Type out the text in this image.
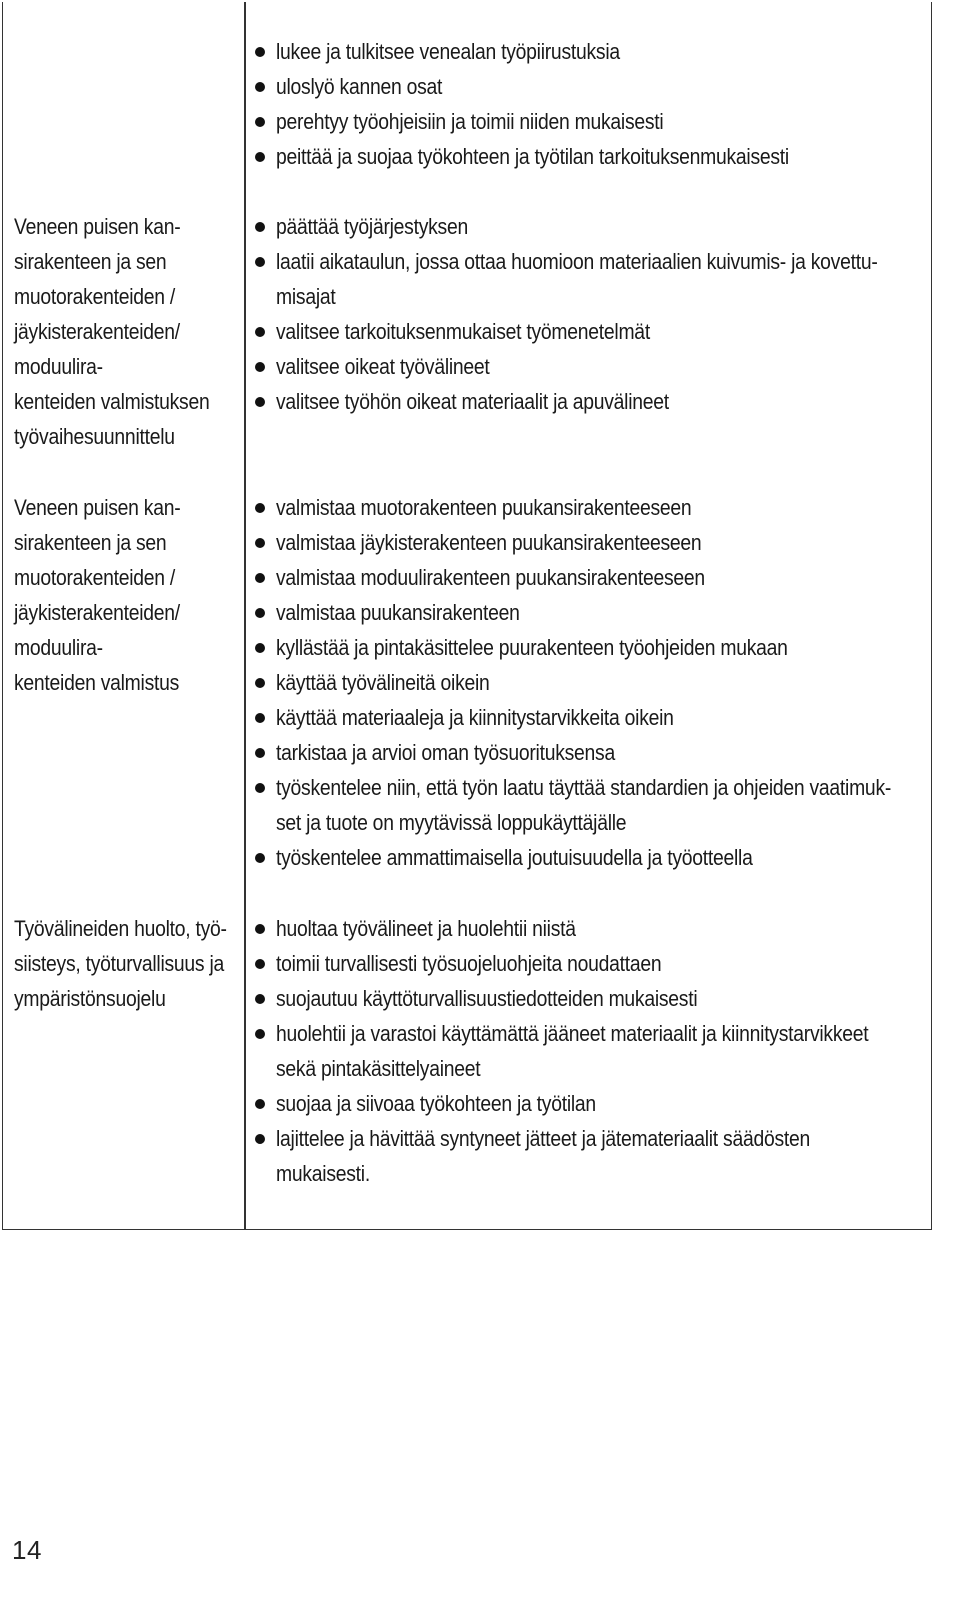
lukee ja tulkitsee venealan työpiirustuksia
uloslyö kannen osat
perehtyy työohjeisiin ja toimii niiden mukaisesti
peittää ja suojaa työkohteen ja työtilan tarkoituksenmukaisesti
Veneen puisen kan-
sirakenteen ja sen
muotorakenteiden /
jäykisterakenteiden/
moduulira-
kenteiden valmistuksen
työvaihesuunnittelu
päättää työjärjestyksen
laatii aikataulun, jossa ottaa huomioon materiaalien kuivumis- ja kovettu-
misajat
valitsee tarkoituksenmukaiset työmenetelmät
valitsee oikeat työvälineet
valitsee työhön oikeat materiaalit ja apuvälineet
Veneen puisen kan-
sirakenteen ja sen
muotorakenteiden /
jäykisterakenteiden/
moduulira-
kenteiden valmistus
valmistaa muotorakenteen puukansirakenteeseen
valmistaa jäykisterakenteen puukansirakenteeseen
valmistaa moduulirakenteen puukansirakenteeseen
valmistaa puukansirakenteen
kyllästää ja pintakäsittelee puurakenteen työohjeiden mukaan
käyttää työvälineitä oikein
käyttää materiaaleja ja kiinnitystarvikkeita oikein
tarkistaa ja arvioi oman työsuorituksensa
työskentelee niin, että työn laatu täyttää standardien ja ohjeiden vaatimuk-
set ja tuote on myytävissä loppukäyttäjälle
työskentelee ammattimaisella joutuisuudella ja työotteella
Työvälineiden huolto, työ-
siisteys, työturvallisuus ja
ympäristönsuojelu
huoltaa työvälineet ja huolehtii niistä
toimii turvallisesti työsuojeluohjeita noudattaen
suojautuu käyttöturvallisuustiedotteiden mukaisesti
huolehtii ja varastoi käyttämättä jääneet materiaalit ja kiinnitystarvikkeet
sekä pintakäsittelyaineet
suojaa ja siivoaa työkohteen ja työtilan
lajittelee ja hävittää syntyneet jätteet ja jätemateriaalit säädösten
mukaisesti.
14
